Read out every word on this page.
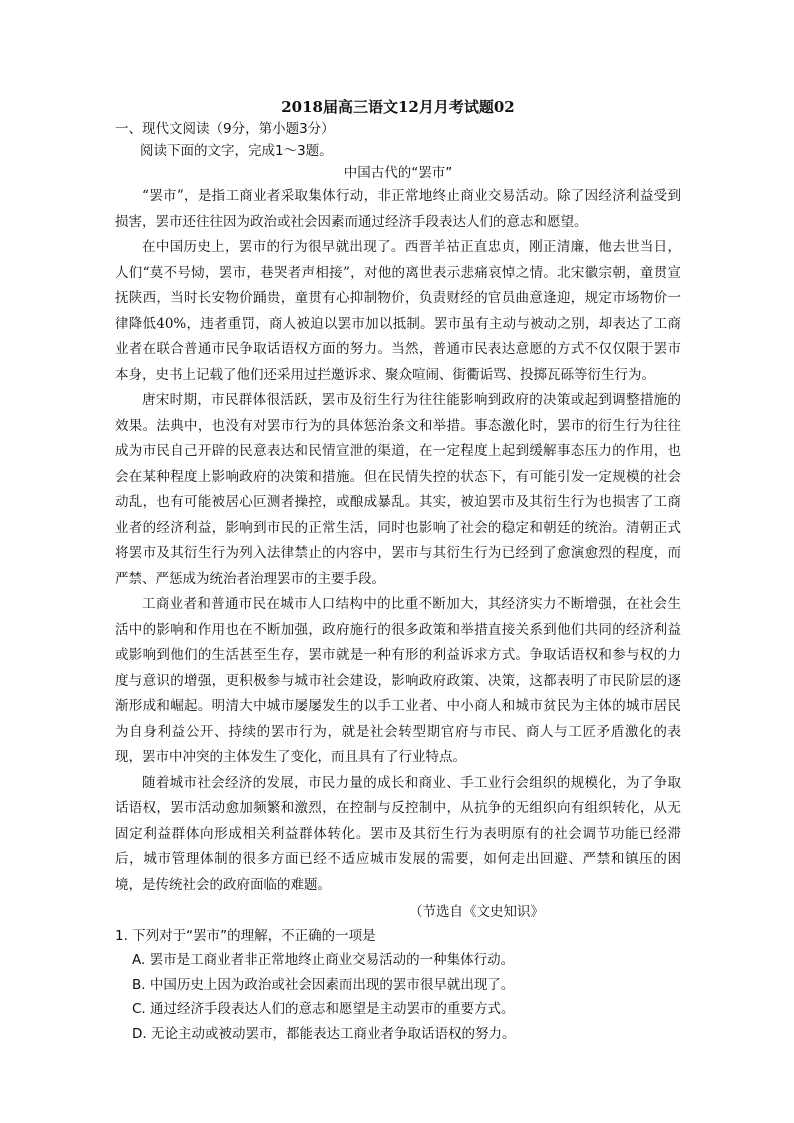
2018届高三语文12月月考试题02
一、现代文阅读（9分，第小题3分）
阅读下面的文字，完成1～3题。
中国古代的“罢市”

“罢市”，是指工商业者采取集体行动，非正常地终止商业交易活动。除了因经济利益受到损害，罢市还往往因为政治或社会因素而通过经济手段表达人们的意志和愿望。

在中国历史上，罢市的行为很早就出现了。西晋羊祜正直忠贞，刚正清廉，他去世当日，人们“莫不号恸，罢市，巷哭者声相接”，对他的离世表示悲痛哀悼之情。北宋徽宗朝，童贯宣抚陕西，当时长安物价踊贵，童贯有心抑制物价，负责财经的官员曲意逢迎，规定市场物价一律降低40%，违者重罚，商人被迫以罢市加以抵制。罢市虽有主动与被动之别，却表达了工商业者在联合普通市民争取话语权方面的努力。当然，普通市民表达意愿的方式不仅仅限于罢市本身，史书上记载了他们还采用过拦邀诉求、聚众喧闹、街衢诟骂、投掷瓦砾等衍生行为。

唐宋时期，市民群体很活跃，罢市及衍生行为往往能影响到政府的决策或起到调整措施的效果。法典中，也没有对罢市行为的具体惩治条文和举措。事态激化时，罢市的衍生行为往往成为市民自己开辟的民意表达和民情宣泄的渠道，在一定程度上起到缓解事态压力的作用，也会在某种程度上影响政府的决策和措施。但在民情失控的状态下，有可能引发一定规模的社会动乱，也有可能被居心叵测者操控，或酿成暴乱。其实，被迫罢市及其衍生行为也损害了工商业者的经济利益，影响到市民的正常生活，同时也影响了社会的稳定和朝廷的统治。清朝正式将罢市及其衍生行为列入法律禁止的内容中，罢市与其衍生行为已经到了愈演愈烈的程度，而严禁、严惩成为统治者治理罢市的主要手段。

工商业者和普通市民在城市人口结构中的比重不断加大，其经济实力不断增强，在社会生活中的影响和作用也在不断加强，政府施行的很多政策和举措直接关系到他们共同的经济利益或影响到他们的生活甚至生存，罢市就是一种有形的利益诉求方式。争取话语权和参与权的力度与意识的增强，更积极参与城市社会建设，影响政府政策、决策，这都表明了市民阶层的逐渐形成和崛起。明清大中城市屡屡发生的以手工业者、中小商人和城市贫民为主体的城市居民为自身利益公开、持续的罢市行为，就是社会转型期官府与市民、商人与工匠矛盾激化的表现，罢市中冲突的主体发生了变化，而且具有了行业特点。

随着城市社会经济的发展，市民力量的成长和商业、手工业行会组织的规模化，为了争取话语权，罢市活动愈加频繁和激烈，在控制与反控制中，从抗争的无组织向有组织转化，从无固定利益群体向形成相关利益群体转化。罢市及其衍生行为表明原有的社会调节功能已经滞后，城市管理体制的很多方面已经不适应城市发展的需要，如何走出回避、严禁和镇压的困境，是传统社会的政府面临的难题。

（节选自《文史知识》
1. 下列对于“罢市”的理解，不正确的一项是
A. 罢市是工商业者非正常地终止商业交易活动的一种集体行动。
B. 中国历史上因为政治或社会因素而出现的罢市很早就出现了。
C. 通过经济手段表达人们的意志和愿望是主动罢市的重要方式。
D. 无论主动或被动罢市，都能表达工商业者争取话语权的努力。
